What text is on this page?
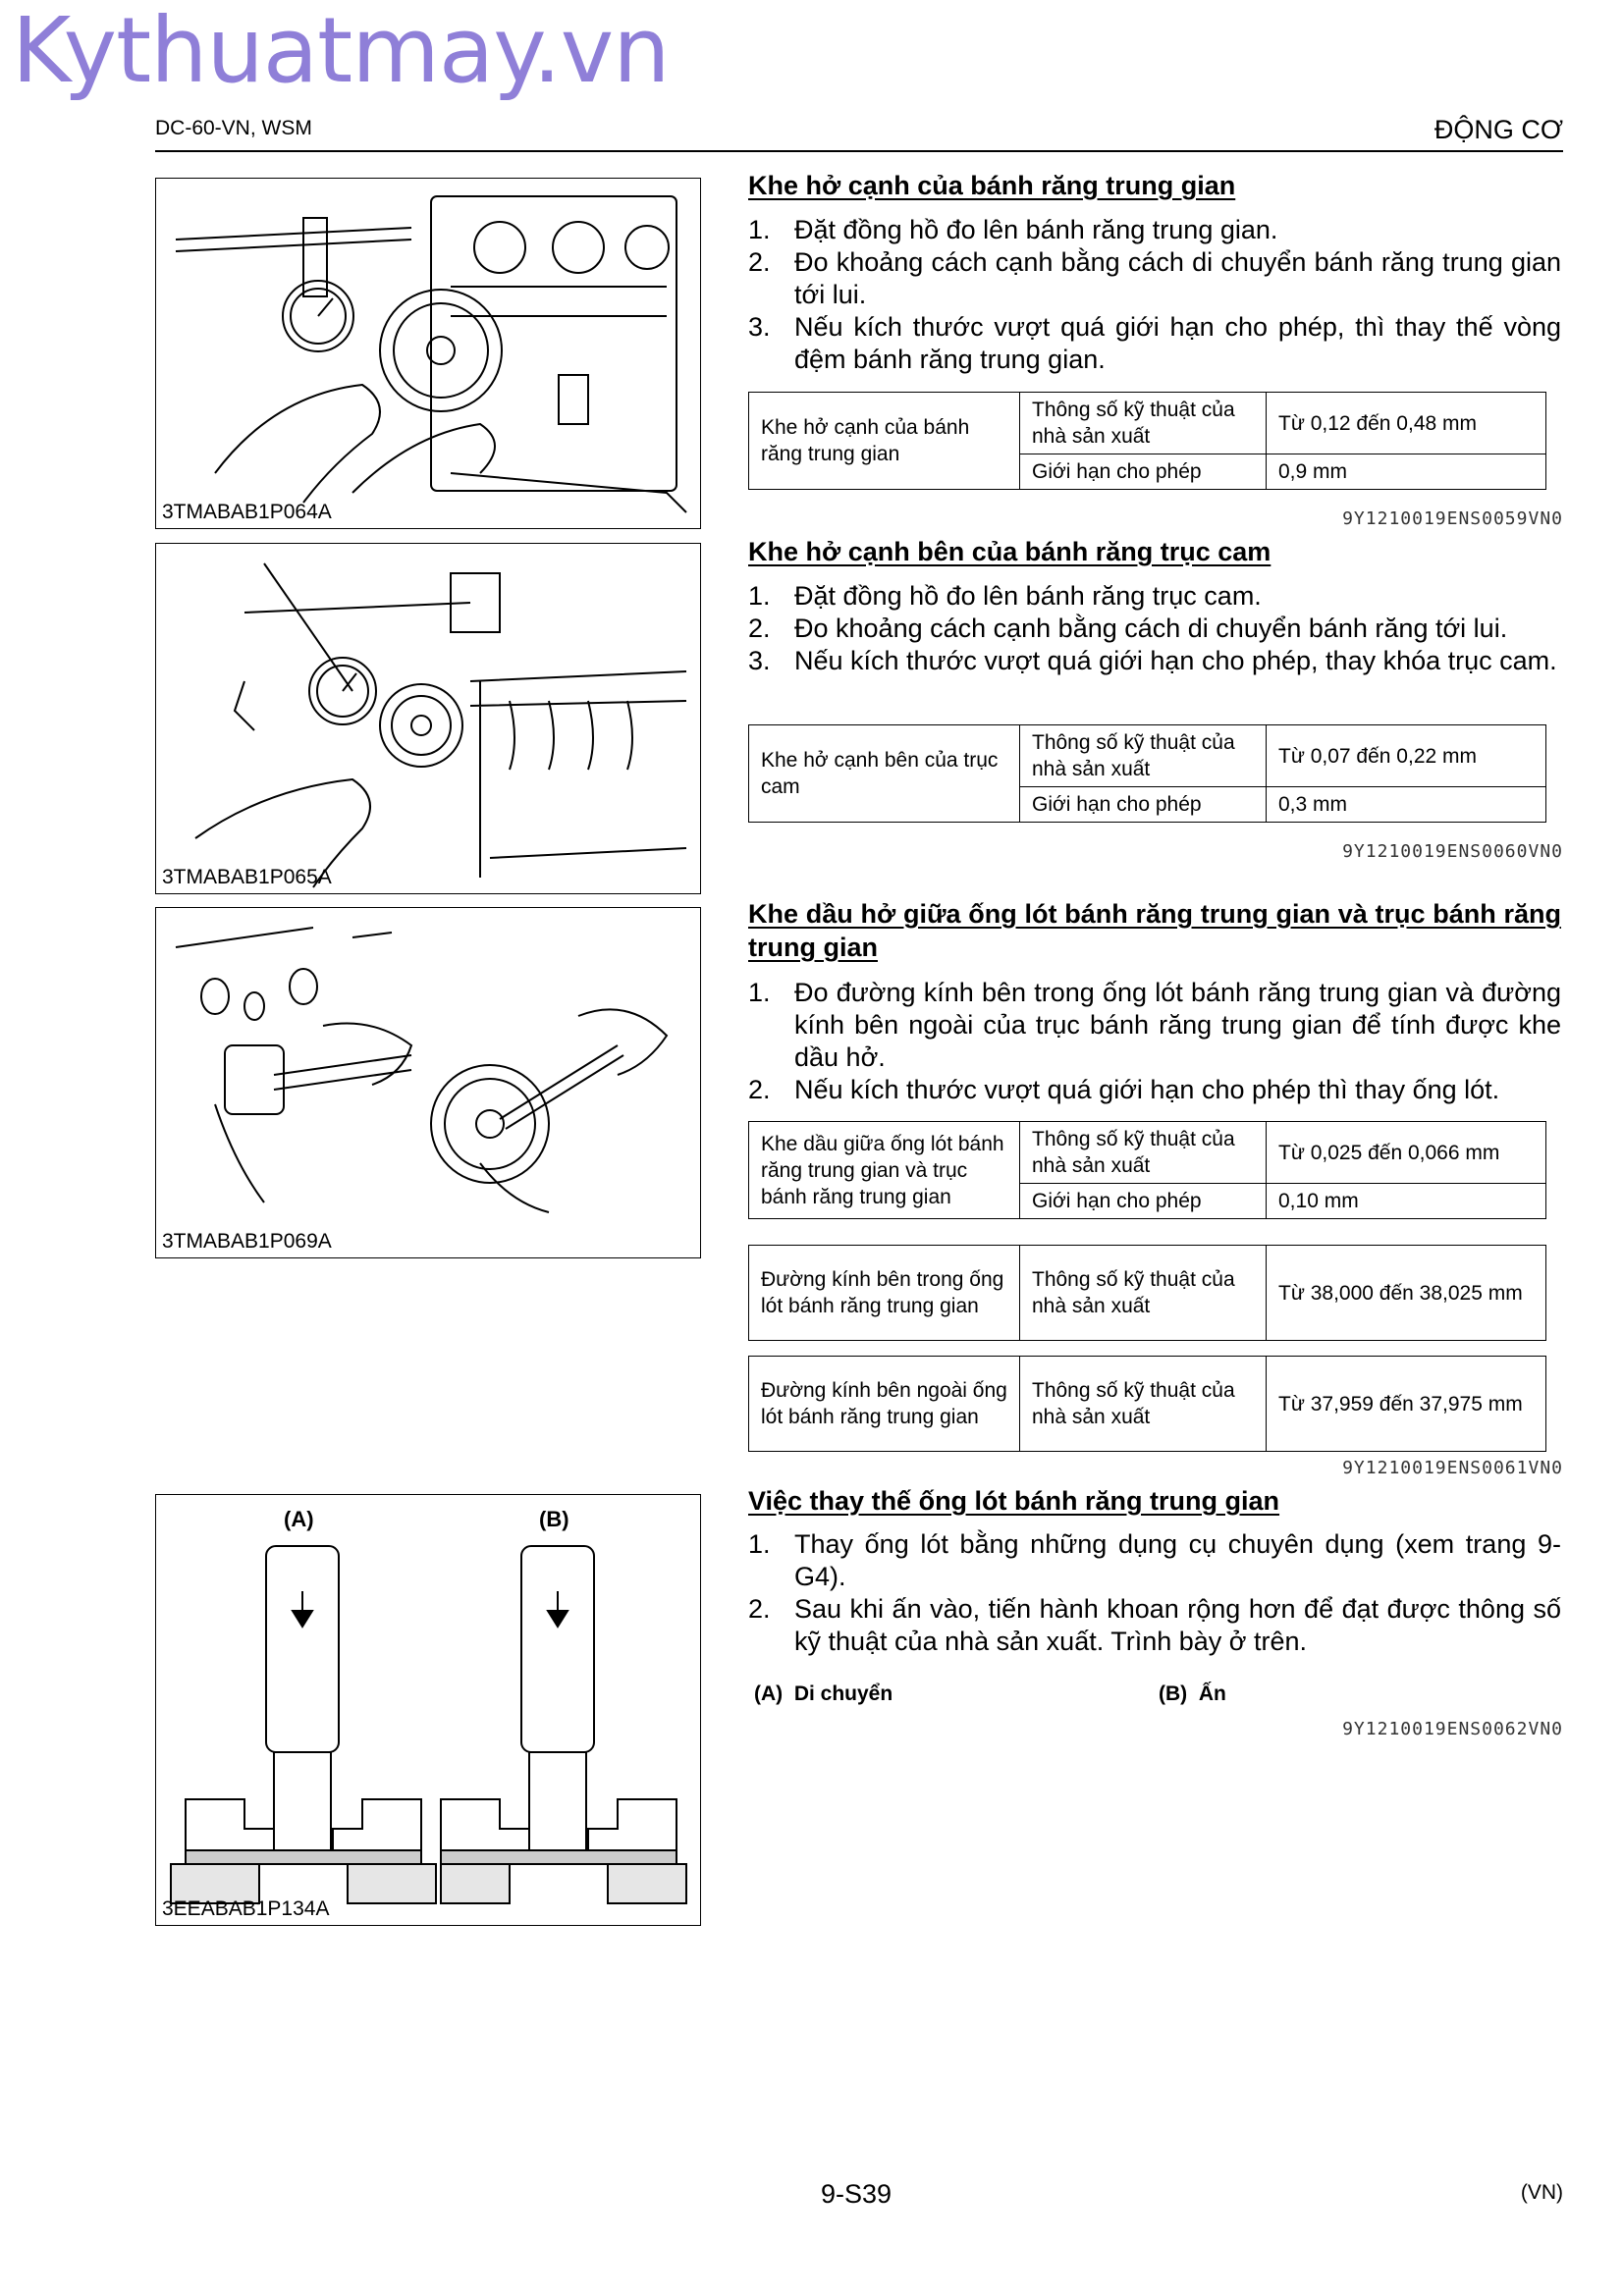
Kythuatmay.vn
DC-60-VN, WSM	ĐỘNG CƠ
3TMABAB1P064A
3TMABAB1P065A
3TMABAB1P069A
(A)	(B)
3EEABAB1P134A
Khe hở cạnh của bánh răng trung gian
1. Đặt đồng hồ đo lên bánh răng trung gian.
2. Đo khoảng cách cạnh bằng cách di chuyển bánh răng trung gian tới lui.
3. Nếu kích thước vượt quá giới hạn cho phép, thì thay thế vòng đệm bánh răng trung gian.
Khe hở cạnh của bánh răng trung gian	Thông số kỹ thuật của nhà sản xuất	Từ 0,12 đến 0,48 mm
	Giới hạn cho phép	0,9 mm
9Y1210019ENS0059VN0
Khe hở cạnh bên của bánh răng trục cam
1. Đặt đồng hồ đo lên bánh răng trục cam.
2. Đo khoảng cách cạnh bằng cách di chuyển bánh răng tới lui.
3. Nếu kích thước vượt quá giới hạn cho phép, thay khóa trục cam.
Khe hở cạnh bên của trục cam	Thông số kỹ thuật của nhà sản xuất	Từ 0,07 đến 0,22 mm
	Giới hạn cho phép	0,3 mm
9Y1210019ENS0060VN0
Khe dầu hở giữa ống lót bánh răng trung gian và trục bánh răng trung gian
1. Đo đường kính bên trong ống lót bánh răng trung gian và đường kính bên ngoài của trục bánh răng trung gian để tính được khe dầu hở.
2. Nếu kích thước vượt quá giới hạn cho phép thì thay ống lót.
Khe dầu giữa ống lót bánh răng trung gian và trục bánh răng trung gian	Thông số kỹ thuật của nhà sản xuất	Từ 0,025 đến 0,066 mm
	Giới hạn cho phép	0,10 mm
Đường kính bên trong ống lót bánh răng trung gian	Thông số kỹ thuật của nhà sản xuất	Từ 38,000 đến 38,025 mm
Đường kính bên ngoài ống lót bánh răng trung gian	Thông số kỹ thuật của nhà sản xuất	Từ 37,959 đến 37,975 mm
9Y1210019ENS0061VN0
Việc thay thế ống lót bánh răng trung gian
1. Thay ống lót bằng những dụng cụ chuyên dụng (xem trang 9-G4).
2. Sau khi ấn vào, tiến hành khoan rộng hơn để đạt được thông số kỹ thuật của nhà sản xuất. Trình bày ở trên.
(A) Di chuyển	(B) Ấn
9Y1210019ENS0062VN0
9-S39	(VN)
